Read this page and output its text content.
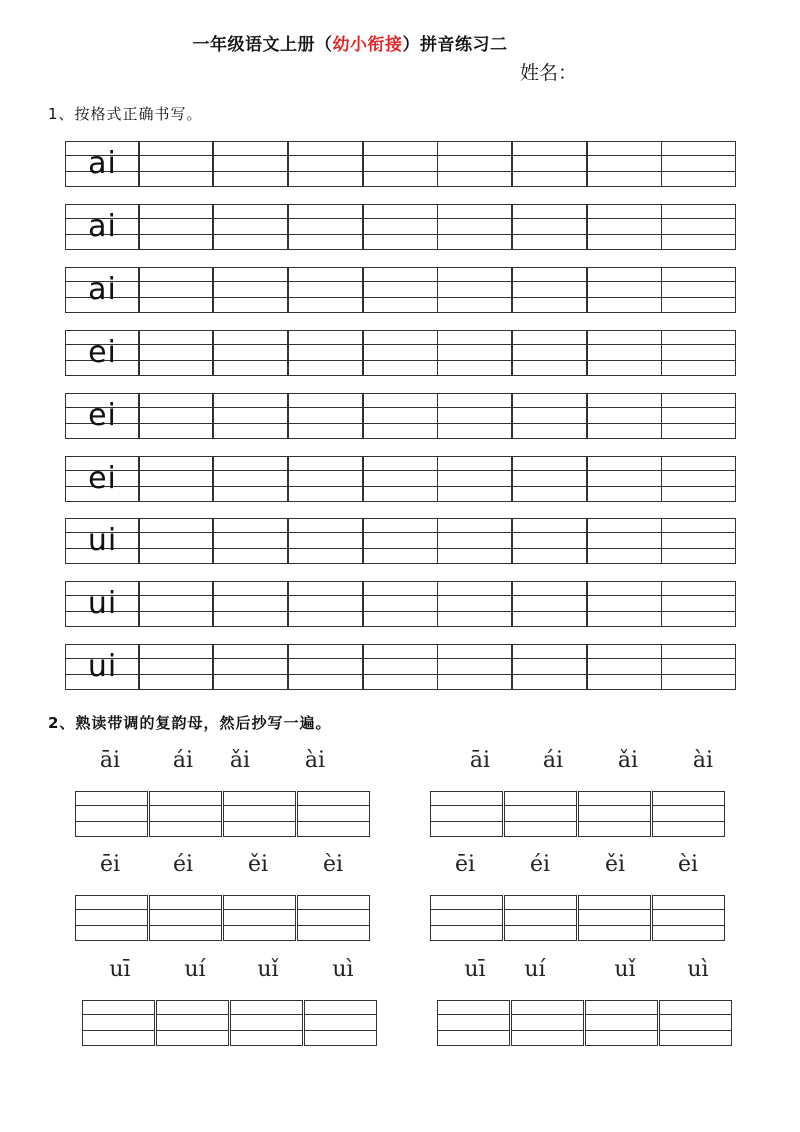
一年级语文上册（幼小衔接）拼音练习二
姓名：
1、按格式正确书写。
ai
ai
ai
ei
ei
ei
ui
ui
ui
2、熟读带调的复韵母，然后抄写一遍。
āi	ái	ǎi	ài	āi	ái	ǎi	ài
ēi	éi	ěi	èi	ēi	éi	ěi	èi
uī	uí	uǐ	uì	uī	uí	uǐ	uì
